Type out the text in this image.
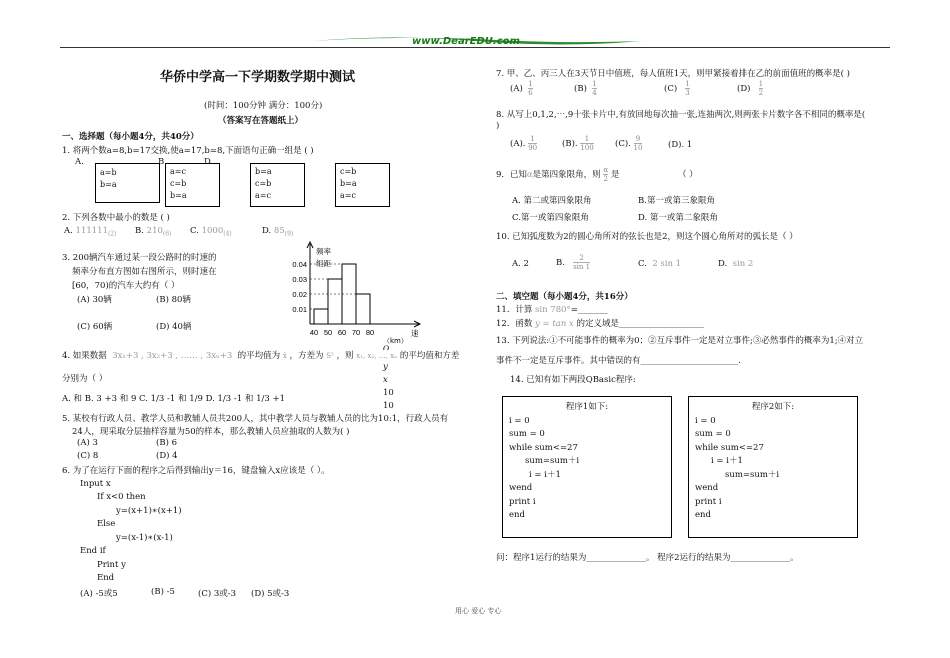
www.DearEDU.com
华侨中学高一下学期数学期中测试
(时间：100分钟 满分：100分)
（答案写在答题纸上）
一、选择题（每小题4分，共40分）
1. 将两个数a=8,b=17交换,使a=17,b=8,下面语句正确一组是 ( )
A.	B.	D.
a=b
b=a
a=c
c=b
b=a
b=a
c=b
a=c
c=b
b=a
a=c
2. 下列各数中最小的数是 ( )
A. $111111_{(2)}$ B. $210_{(6)}$ C. $1000_{(4)}$	D. $85_{(9)}$
3. 200辆汽车通过某一段公路时的时速的
频率分布直方图如右图所示，则时速在
[60，70)的汽车大约有（ ）
(A) 30辆	(B) 80辆
(C) 60辆	(D) 40辆
0.04
0.03
0.02
0.01
40 50 60 70 80
频率
组距
速
（km）
O
4. 如果数据  3x₁+3 , 3x₂+3 , …… , 3xₙ+3  的平均值为 x̄ ，方差为 S² ，则 x₁, x₂, …, xₙ 的平均值和方差
分别为（ ）
A. 和 B. 3 +3 和 9 C. 1/3 -1 和 1/9 D. 1/3 -1 和 1/3 +1
y
x
10
10
5. 某校有行政人员、教学人员和教辅人员共200人，其中教学人员与教辅人员的比为10:1，行政人员有
24人，现采取分层抽样容量为50的样本，那么教辅人员应抽取的人数为( )
(A) 3	(B) 6
(C) 8	(D) 4
6. 为了在运行下面的程序之后得到输出y＝16，键盘输入x应该是（ ）。
Input x
If x<0 then
y=(x+1)∗(x+1)
Else
y=(x-1)∗(x-1)
End if
Print y
End
(A) -5或5	(B) -5	(C) 3或-3 (D) 5或-3
7. 甲、乙、丙三人在3天节日中值班，每人值班1天，则甲紧接着排在乙的前面值班的概率是( )
$(A) \frac{1}{6}$	$(B) \frac{1}{4}$	$(C) \frac{1}{3}$	$(D) \frac{1}{2}$
8. 从写上0,1,2,⋯,9十张卡片中,有放回地每次抽一张,连抽两次,则两张卡片数字各不相同的概率是(
)
(A). $\frac{1}{90}$	(B). $\frac{1}{100}$	(C). $\frac{9}{10}$	(D). 1
9．已知α是第四象限角，则 $\frac{\alpha}{2}$ 是	（ ）
A. 第二或第四象限角	B.第一或第三象限角
C.第一或第四象限角	D. 第一或第二象限角
10. 已知弧度数为2的圆心角所对的弦长也是2，则这个圆心角所对的弧长是（ ）
A. 2	B. $\frac{2}{\sin 1}$	C. 2 sin 1	D. sin 2
二、填空题（每小题4分，共16分）
11．计算 sin 780°=_______
12．函数 y = tan x 的定义域是____________________
13. 下列说法:①不可能事件的概率为0；②互斥事件一定是对立事件;③必然事件的概率为1;④对立
事件不一定是互斥事件。其中错误的有_______________________.
14. 已知有如下两段QBasic程序:
程序1如下:
i = 0
sum = 0
while sum<=27
sum=sum＋i
i = i＋1
wend
print i
end
程序2如下:
i = 0
sum = 0
while sum<=27
i = i＋1
sum=sum＋i
wend
print i
end
问：程序1运行的结果为______________。 程序2运行的结果为______________。
用心 爱心 专心
